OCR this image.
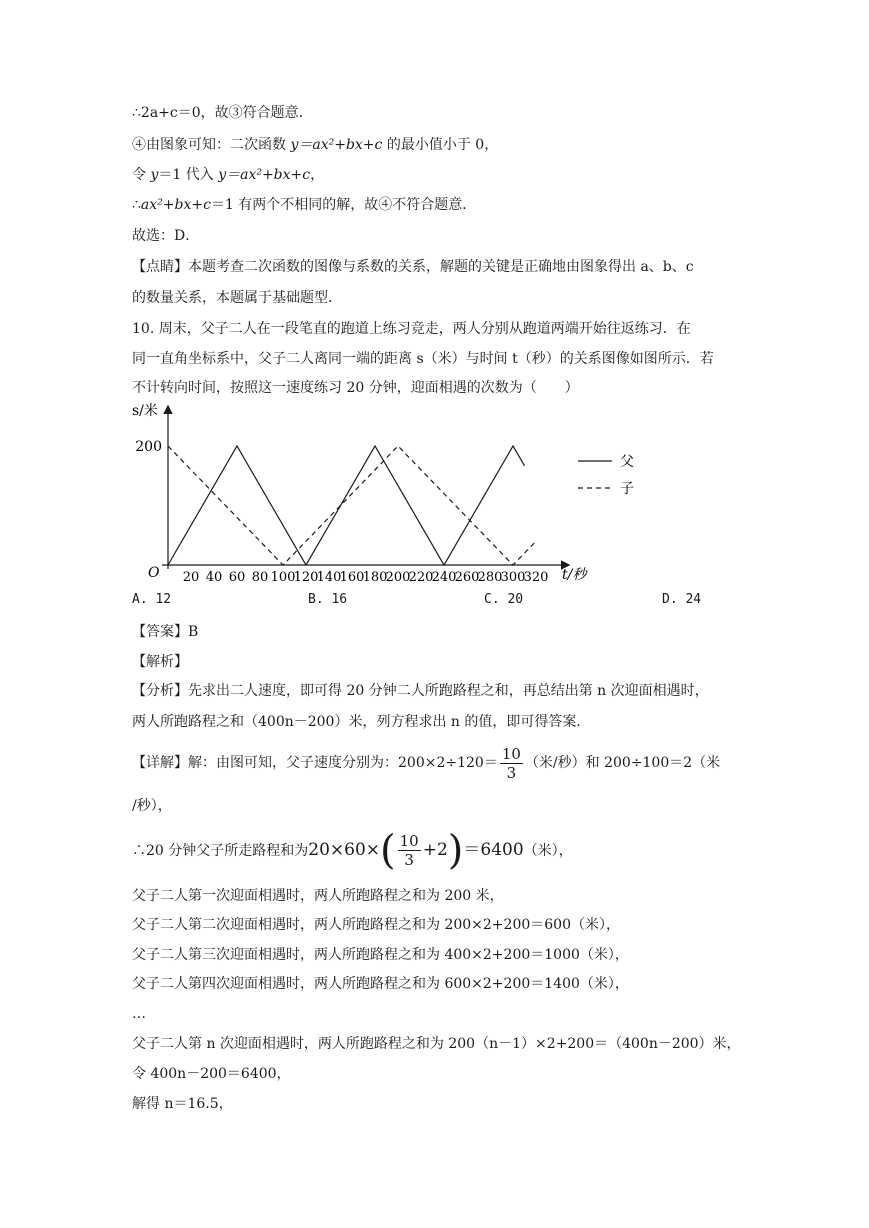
∴2a+c＝0，故③符合题意．
④由图象可知：二次函数 y＝ax²+bx+c 的最小值小于 0，
令 y＝1 代入 y＝ax²+bx+c，
∴ax²+bx+c＝1 有两个不相同的解，故④不符合题意．
故选：D．
【点睛】本题考查二次函数的图像与系数的关系，解题的关键是正确地由图象得出 a、b、c
的数量关系，本题属于基础题型．
10. 周末，父子二人在一段笔直的跑道上练习竞走，两人分别从跑道两端开始往返练习．在
同一直角坐标系中，父子二人离同一端的距离 s（米）与时间 t（秒）的关系图像如图所示．若
不计转向时间，按照这一速度练习 20 分钟，迎面相遇的次数为（　　）
O
s/米
t/秒
20 40 60 80 100
120
140
160
180
200
220
240
260
280
300
320
200
父
子
A. 12	B. 16	C. 20	D. 24
【答案】B
【解析】
【分析】先求出二人速度，即可得 20 分钟二人所跑路程之和，再总结出第 n 次迎面相遇时，
两人所跑路程之和（400n－200）米，列方程求出 n 的值，即可得答案．
【详解】解：由图可知，父子速度分别为：$200\times 2\div 120= \frac{10}{3}$ （米/秒）和 200÷100＝2（米
/秒），
∴20 分钟父子所走路程和为$20\times 60\times( \frac{10}{3} +2)=6400$（米），
父子二人第一次迎面相遇时，两人所跑路程之和为 200 米，
父子二人第二次迎面相遇时，两人所跑路程之和为 200×2+200＝600（米），
父子二人第三次迎面相遇时，两人所跑路程之和为 400×2+200＝1000（米），
父子二人第四次迎面相遇时，两人所跑路程之和为 600×2+200＝1400（米），
…
父子二人第 n 次迎面相遇时，两人所跑路程之和为 200（n－1）×2+200＝（400n－200）米，
令 400n－200＝6400，
解得 n＝16.5，
